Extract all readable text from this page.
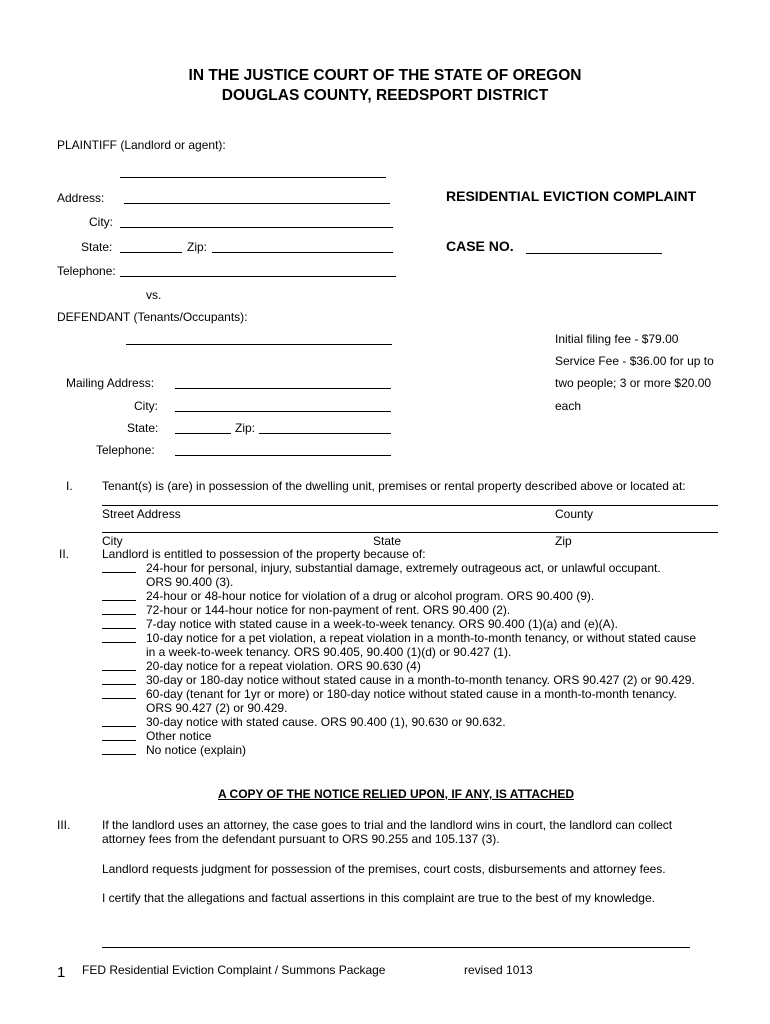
IN THE JUSTICE COURT OF THE STATE OF OREGON
DOUGLAS COUNTY, REEDSPORT DISTRICT
PLAINTIFF (Landlord or agent):
Address:
City:
State:	Zip:
Telephone:
RESIDENTIAL EVICTION COMPLAINT
CASE NO.
vs.
DEFENDANT (Tenants/Occupants):
Mailing Address:
City:
State:	Zip:
Telephone:
Initial filing fee - $79.00
Service Fee - $36.00 for up to
two people; 3 or more $20.00
each
I. Tenant(s) is (are) in possession of the dwelling unit, premises or rental property described above or located at:
Street Address	County
City	State	Zip
II.	Landlord is entitled to possession of the property because of:
24-hour for personal, injury, substantial damage, extremely outrageous act, or unlawful occupant.
ORS 90.400 (3).
24-hour or 48-hour notice for violation of a drug or alcohol program. ORS 90.400 (9).
72-hour or 144-hour notice for non-payment of rent. ORS 90.400 (2).
7-day notice with stated cause in a week-to-week tenancy. ORS 90.400 (1)(a) and (e)(A).
10-day notice for a pet violation, a repeat violation in a month-to-month tenancy, or without stated cause
in a week-to-week tenancy. ORS 90.405, 90.400 (1)(d) or 90.427 (1).
20-day notice for a repeat violation. ORS 90.630 (4)
30-day or 180-day notice without stated cause in a month-to-month tenancy. ORS 90.427 (2) or 90.429.
60-day (tenant for 1yr or more) or 180-day notice without stated cause in a month-to-month tenancy.
ORS 90.427 (2) or 90.429.
30-day notice with stated cause. ORS 90.400 (1), 90.630 or 90.632.
Other notice
No notice (explain)
A COPY OF THE NOTICE RELIED UPON, IF ANY, IS ATTACHED
III.	If the landlord uses an attorney, the case goes to trial and the landlord wins in court, the landlord can collect
attorney fees from the defendant pursuant to ORS 90.255 and 105.137 (3).
Landlord requests judgment for possession of the premises, court costs, disbursements and attorney fees.
I certify that the allegations and factual assertions in this complaint are true to the best of my knowledge.
1 FED Residential Eviction Complaint / Summons Package	revised 1013
